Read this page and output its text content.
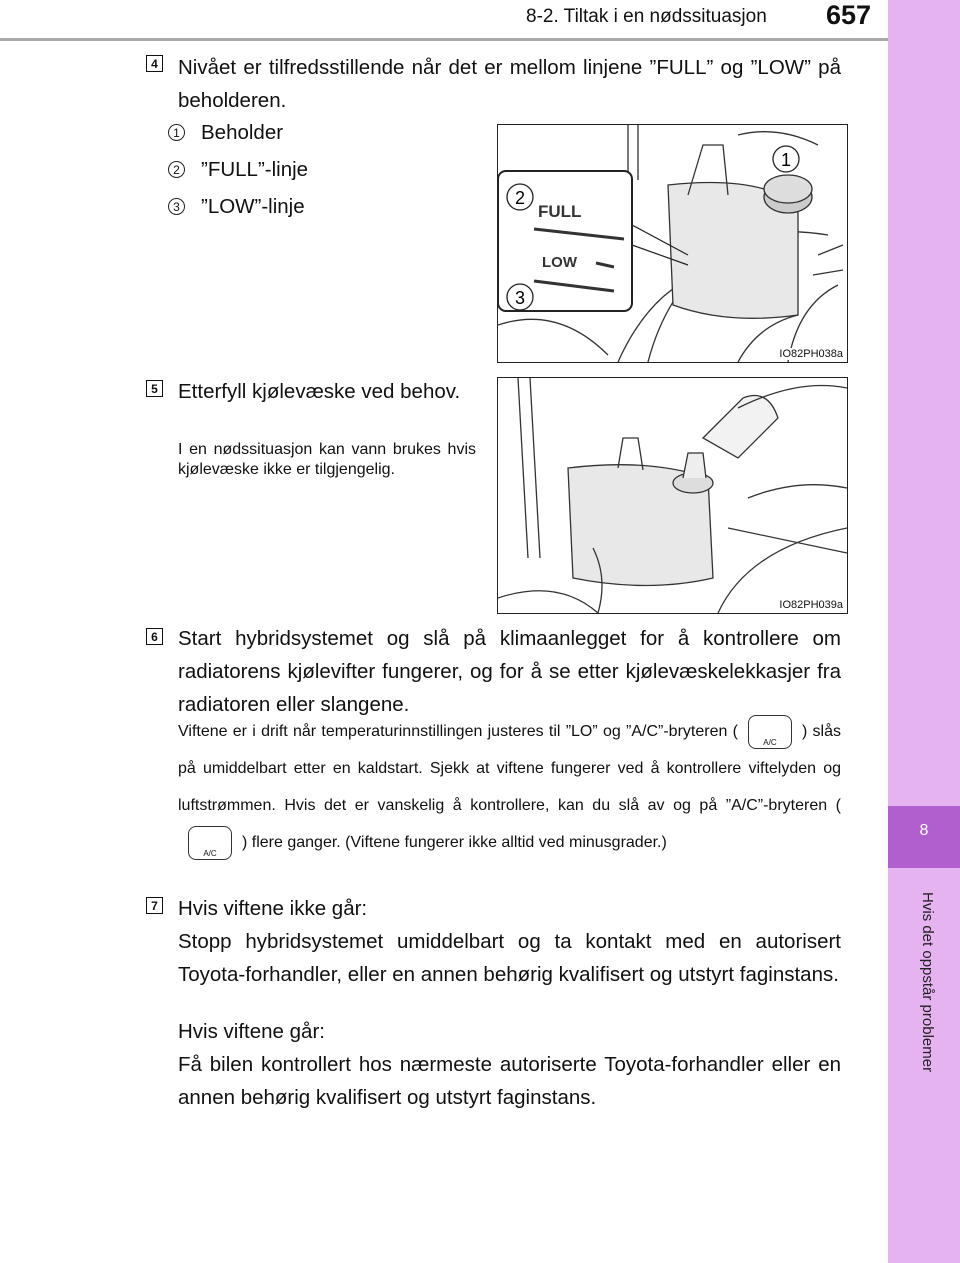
8-2. Tiltak i en nødssituasjon 657
8
Hvis det oppstår problemer
4 Nivået er tilfredsstillende når det er mellom linjene ”FULL” og ”LOW” på beholderen.

1 Beholder
2 ”FULL”-linje
3 ”LOW”-linje	FULL
LOW
1
2
3
IO82PH038a
5 Etterfyll kjølevæske ved behov.

I en nødssituasjon kan vann brukes hvis kjølevæske ikke er tilgjengelig.

IO82PH039a
6 Start hybridsystemet og slå på klimaanlegget for å kontrollere om radiatorens kjølevifter fungerer, og for å se etter kjølevæskelekkasjer fra radiatoren eller slangene.

Viftene er i drift når temperaturinnstillingen justeres til ”LO” og ”A/C”-bryteren (
A/C
) slås på umiddelbart etter en kaldstart. Sjekk at viftene fungerer ved å kontrollere viftelyden og luftstrømmen. Hvis det er vanskelig å kontrollere, kan du slå av og på ”A/C”-bryteren (
A/C
) flere ganger. (Viftene fungerer ikke alltid ved minusgrader.)

7 Hvis viftene ikke går:

Stopp hybridsystemet umiddelbart og ta kontakt med en autorisert Toyota-forhandler, eller en annen behørig kvalifisert og utstyrt faginstans.

Hvis viftene går:

Få bilen kontrollert hos nærmeste autoriserte Toyota-forhandler eller en annen behørig kvalifisert og utstyrt faginstans.
